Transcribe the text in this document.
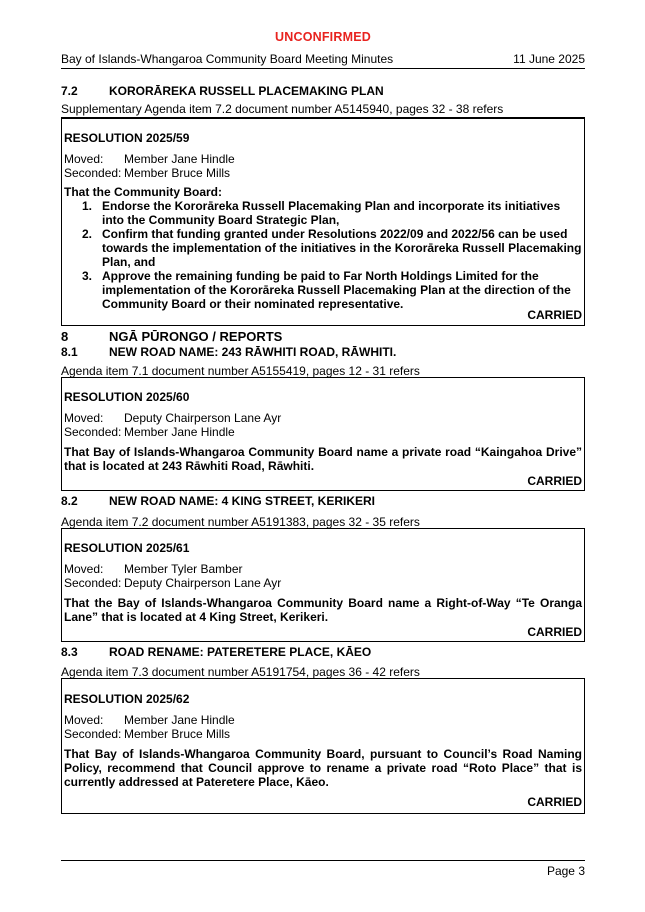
UNCONFIRMED
Bay of Islands-Whangaroa Community Board Meeting Minutes	11 June 2025
7.2	KORORĀREKA RUSSELL PLACEMAKING PLAN
Supplementary Agenda item 7.2 document number A5145940, pages 32 - 38 refers
RESOLUTION 2025/59
Moved: Member Jane Hindle
Seconded: Member Bruce Mills
That the Community Board:
1. Endorse the Kororāreka Russell Placemaking Plan and incorporate its initiatives into the Community Board Strategic Plan,
2. Confirm that funding granted under Resolutions 2022/09 and 2022/56 can be used towards the implementation of the initiatives in the Kororāreka Russell Placemaking Plan, and
3. Approve the remaining funding be paid to Far North Holdings Limited for the implementation of the Kororāreka Russell Placemaking Plan at the direction of the Community Board or their nominated representative.
CARRIED
8	NGĀ PŪRONGO / REPORTS
8.1	NEW ROAD NAME: 243 RĀWHITI ROAD, RĀWHITI.
Agenda item 7.1 document number A5155419, pages 12 - 31 refers
RESOLUTION 2025/60
Moved: Deputy Chairperson Lane Ayr
Seconded: Member Jane Hindle
That Bay of Islands-Whangaroa Community Board name a private road “Kaingahoa Drive” that is located at 243 Rāwhiti Road, Rāwhiti.
CARRIED
8.2	NEW ROAD NAME: 4 KING STREET, KERIKERI
Agenda item 7.2 document number A5191383, pages 32 - 35 refers
RESOLUTION 2025/61
Moved: Member Tyler Bamber
Seconded: Deputy Chairperson Lane Ayr
That the Bay of Islands-Whangaroa Community Board name a Right-of-Way “Te Oranga Lane” that is located at 4 King Street, Kerikeri.
CARRIED
8.3	ROAD RENAME: PATERETERE PLACE, KĀEO
Agenda item 7.3 document number A5191754, pages 36 - 42 refers
RESOLUTION 2025/62
Moved: Member Jane Hindle
Seconded: Member Bruce Mills
That Bay of Islands-Whangaroa Community Board, pursuant to Council’s Road Naming Policy, recommend that Council approve to rename a private road “Roto Place” that is currently addressed at Pateretere Place, Kāeo.
CARRIED
Page 3
